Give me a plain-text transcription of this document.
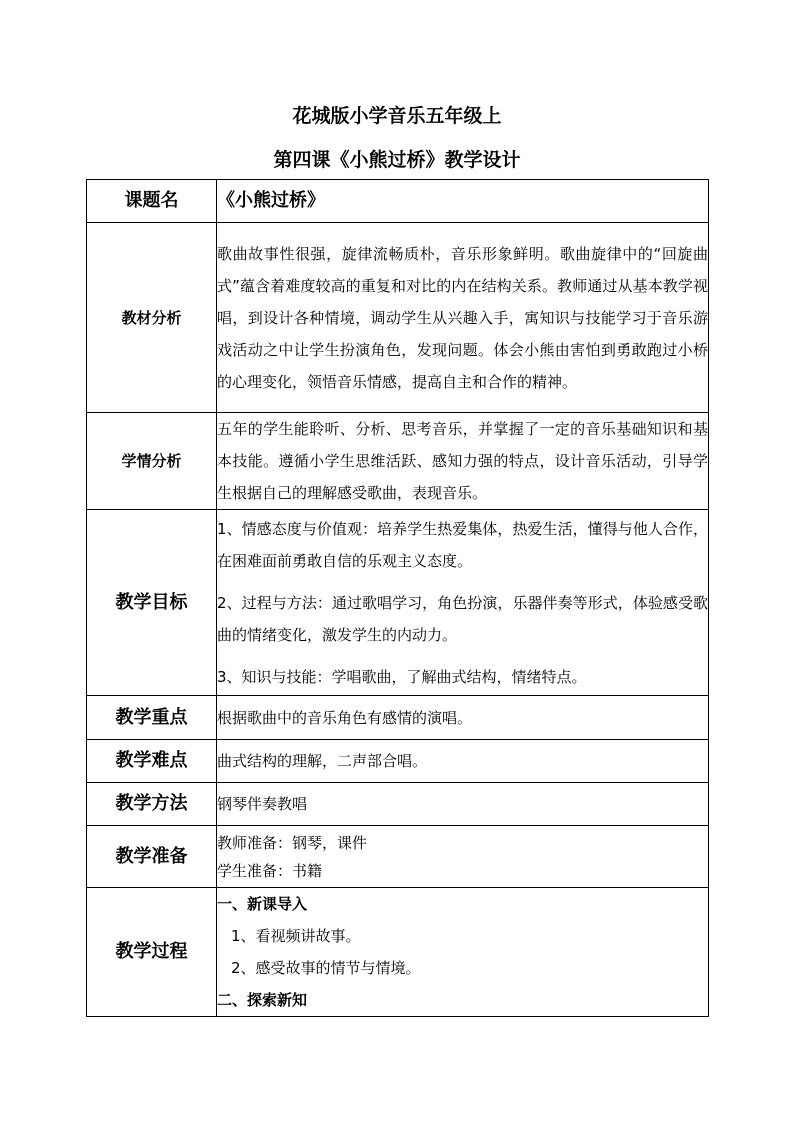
花城版小学音乐五年级上
第四课《小熊过桥》教学设计
课题名	《小熊过桥》
教材分析	歌曲故事性很强，旋律流畅质朴，音乐形象鲜明。歌曲旋律中的“回旋曲式”蕴含着难度较高的重复和对比的内在结构关系。教师通过从基本教学视唱，到设计各种情境，调动学生从兴趣入手，寓知识与技能学习于音乐游戏活动之中让学生扮演角色，发现问题。体会小熊由害怕到勇敢跑过小桥的心理变化，领悟音乐情感，提高自主和合作的精神。

学情分析	五年的学生能聆听、分析、思考音乐，并掌握了一定的音乐基础知识和基本技能。遵循小学生思维活跃、感知力强的特点，设计音乐活动，引导学生根据自己的理解感受歌曲，表现音乐。

教学目标	1、情感态度与价值观：培养学生热爱集体，热爱生活，懂得与他人合作，在困难面前勇敢自信的乐观主义态度。

2、过程与方法：通过歌唱学习，角色扮演，乐器伴奏等形式，体验感受歌曲的情绪变化，激发学生的内动力。

3、知识与技能：学唱歌曲，了解曲式结构，情绪特点。

教学重点	根据歌曲中的音乐角色有感情的演唱。
教学难点	曲式结构的理解，二声部合唱。
教学方法	钢琴伴奏教唱
教学准备	教师准备：钢琴，课件
学生准备：书籍

教学过程	一、新课导入
1、看视频讲故事。
2、感受故事的情节与情境。
二、探索新知
